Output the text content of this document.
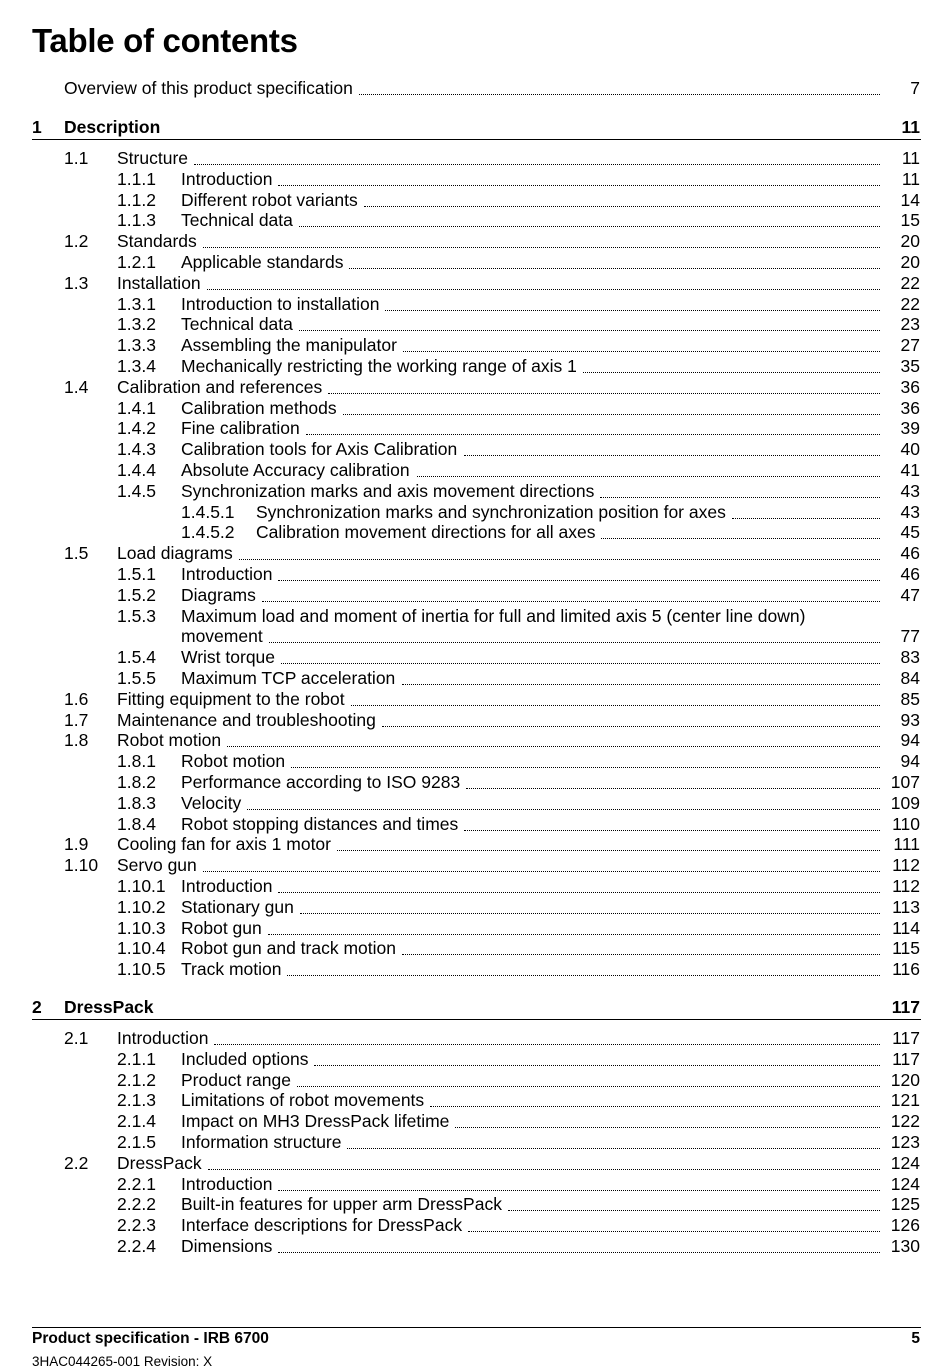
Table of contents
Overview of this product specification	7
1 Description	11
1.1 Structure	11
1.1.1 Introduction	11
1.1.2 Different robot variants	14
1.1.3 Technical data	15
1.2 Standards	20
1.2.1 Applicable standards	20
1.3 Installation	22
1.3.1 Introduction to installation	22
1.3.2 Technical data	23
1.3.3 Assembling the manipulator	27
1.3.4 Mechanically restricting the working range of axis 1	35
1.4 Calibration and references	36
1.4.1 Calibration methods	36
1.4.2 Fine calibration	39
1.4.3 Calibration tools for Axis Calibration	40
1.4.4 Absolute Accuracy calibration	41
1.4.5 Synchronization marks and axis movement directions	43
1.4.5.1 Synchronization marks and synchronization position for axes	43
1.4.5.2 Calibration movement directions for all axes	45
1.5 Load diagrams	46
1.5.1 Introduction	46
1.5.2 Diagrams	47
1.5.3 Maximum load and moment of inertia for full and limited axis 5 (center line down)
movement	77
1.5.4 Wrist torque	83
1.5.5 Maximum TCP acceleration	84
1.6 Fitting equipment to the robot	85
1.7 Maintenance and troubleshooting	93
1.8 Robot motion	94
1.8.1 Robot motion	94
1.8.2 Performance according to ISO 9283	107
1.8.3 Velocity	109
1.8.4 Robot stopping distances and times	110
1.9 Cooling fan for axis 1 motor	111
1.10 Servo gun	112
1.10.1 Introduction	112
1.10.2 Stationary gun	113
1.10.3 Robot gun	114
1.10.4 Robot gun and track motion	115
1.10.5 Track motion	116
2 DressPack	117
2.1 Introduction	117
2.1.1 Included options	117
2.1.2 Product range	120
2.1.3 Limitations of robot movements	121
2.1.4 Impact on MH3 DressPack lifetime	122
2.1.5 Information structure	123
2.2 DressPack	124
2.2.1 Introduction	124
2.2.2 Built-in features for upper arm DressPack	125
2.2.3 Interface descriptions for DressPack	126
2.2.4 Dimensions	130
Product specification - IRB 6700	5
3HAC044265-001 Revision: X
